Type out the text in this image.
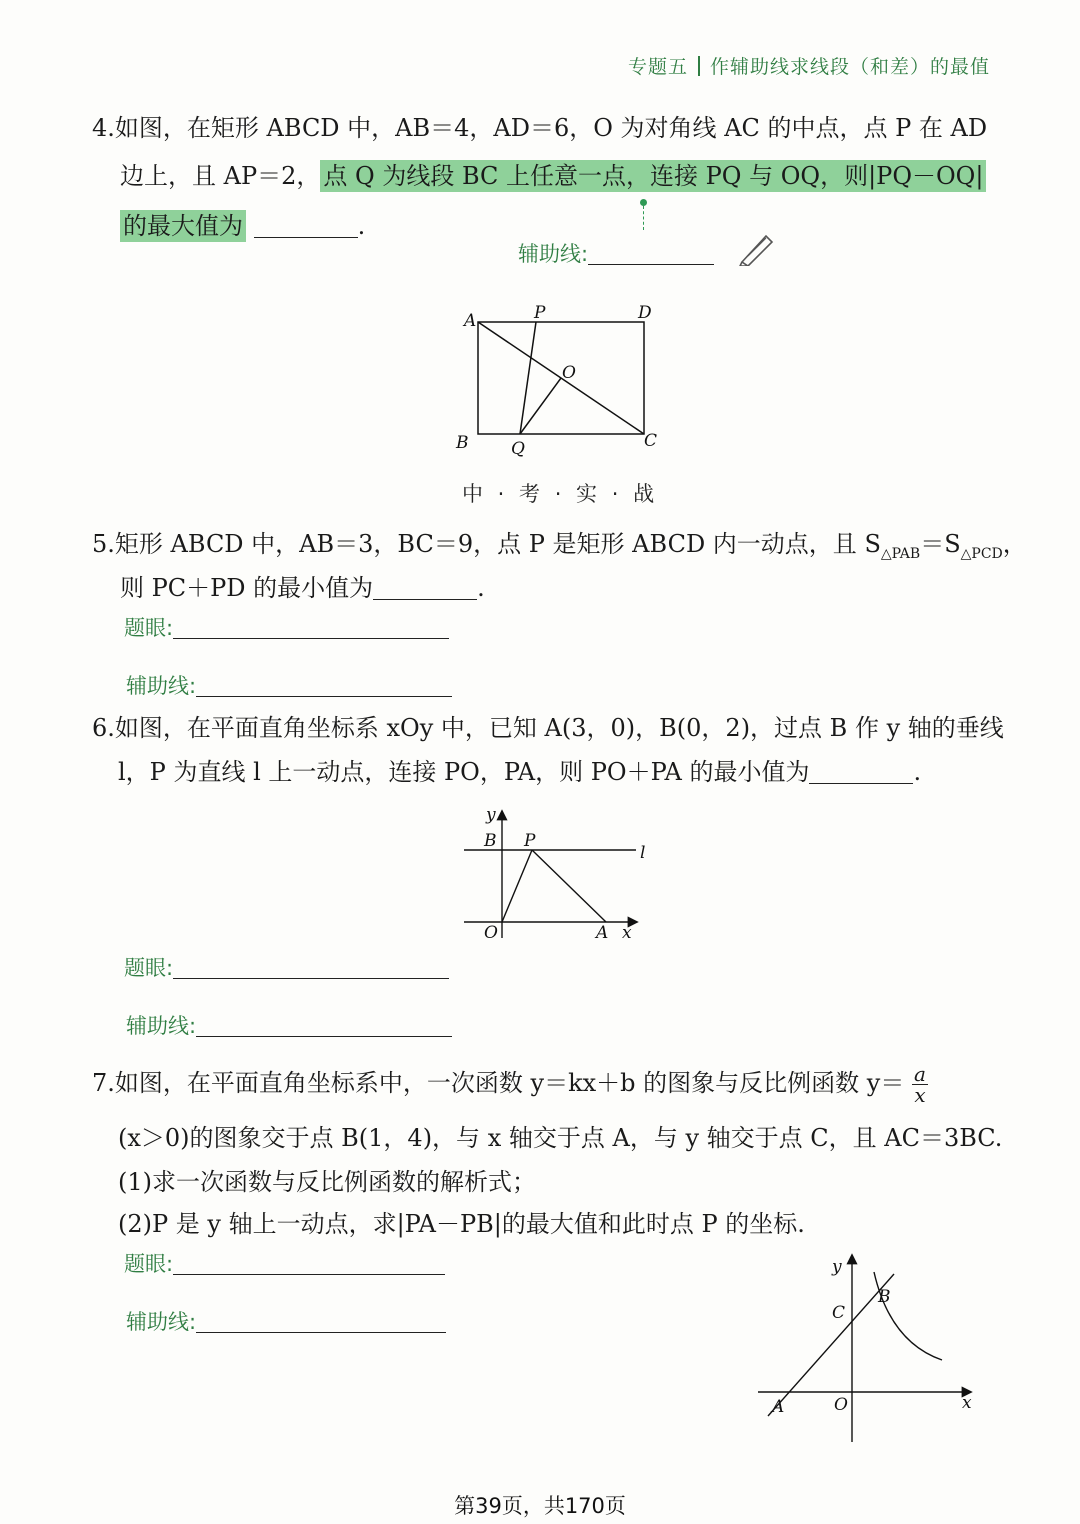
专题五 作辅助线求线段（和差）的最值
4.如图，在矩形 ABCD 中，AB＝4，AD＝6，O 为对角线 AC 的中点，点 P 在 AD
边上，且 AP＝2， 点 Q 为线段 BC 上任意一点，连接 PQ 与 OQ，则|PQ－OQ|
的最大值为	.
辅助线:
A	P	D
O
B	Q	C
中 · 考 · 实 · 战
5.矩形 ABCD 中，AB＝3，BC＝9，点 P 是矩形 ABCD 内一动点，且 $S_{\triangle PAB}=S_{\triangle PCD}$，
则 PC＋PD 的最小值为	.
题眼:
辅助线:
6.如图，在平面直角坐标系 xOy 中，已知 A(3，0)，B(0，2)，过点 B 作 y 轴的垂线
l，P 为直线 l 上一动点，连接 PO，PA，则 PO＋PA 的最小值为	.
y
B P
l
O	A x
题眼:
辅助线:
7.如图，在平面直角坐标系中，一次函数 y＝kx＋b 的图象与反比例函数 $y= \frac{a}{x}$
(x＞0)的图象交于点 B(1，4)，与 x 轴交于点 A，与 y 轴交于点 C，且 AC＝3BC.
(1)求一次函数与反比例函数的解析式；
(2)P 是 y 轴上一动点，求|PA－PB|的最大值和此时点 P 的坐标.
题眼:
辅助线:
y
C
B
A	O	x
第39页，共170页
